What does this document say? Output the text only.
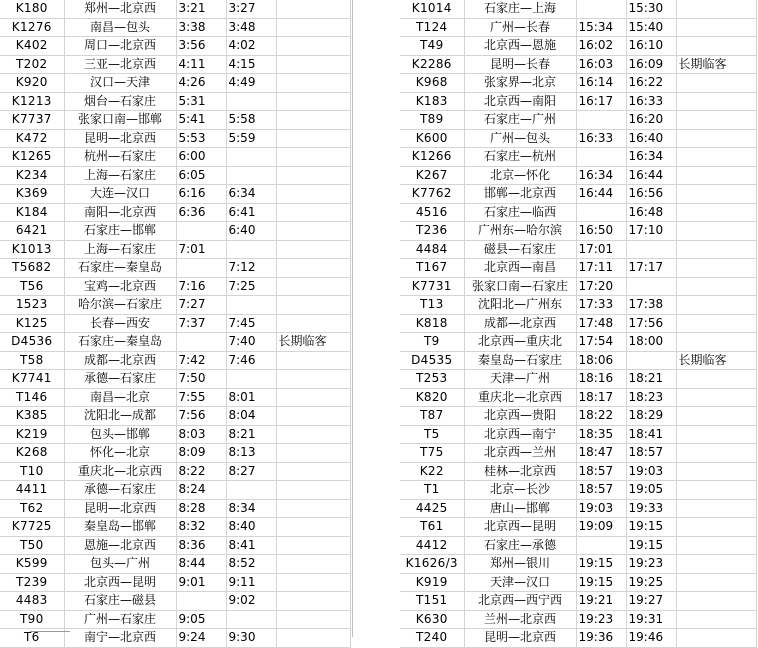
K180	郑州—北京西	3:21	3:27	
K1276	南昌—包头	3:38	3:48	
K402	周口—北京西	3:56	4:02	
T202	三亚—北京西	4:11	4:15	
K920	汉口—天津	4:26	4:49	
K1213	烟台—石家庄	5:31		
K7737	张家口南—邯郸	5:41	5:58	
K472	昆明—北京西	5:53	5:59	
K1265	杭州—石家庄	6:00		
K234	上海—石家庄	6:05		
K369	大连—汉口	6:16	6:34	
K184	南阳—北京西	6:36	6:41	
6421	石家庄—邯郸		6:40	
K1013	上海—石家庄	7:01		
T5682	石家庄—秦皇岛		7:12	
T56	宝鸡—北京西	7:16	7:25	
1523	哈尔滨—石家庄	7:27		
K125	长春—西安	7:37	7:45	
D4536	石家庄—秦皇岛		7:40	长期临客
T58	成都—北京西	7:42	7:46	
K7741	承德—石家庄	7:50		
T146	南昌—北京	7:55	8:01	
K385	沈阳北—成都	7:56	8:04	
K219	包头—邯郸	8:03	8:21	
K268	怀化—北京	8:09	8:13	
T10	重庆北—北京西	8:22	8:27	
4411	承德—石家庄	8:24		
T62	昆明—北京西	8:28	8:34	
K7725	秦皇岛—邯郸	8:32	8:40	
T50	恩施—北京西	8:36	8:41	
K599	包头—广州	8:44	8:52	
T239	北京西—昆明	9:01	9:11	
4483	石家庄—磁县		9:02	
T90	广州—石家庄	9:05		
T6	南宁—北京西	9:24	9:30	
K1014	石家庄—上海		15:30	
T124	广州—长春	15:34	15:40	
T49	北京西—恩施	16:02	16:10	
K2286	昆明—长春	16:03	16:09	长期临客
K968	张家界—北京	16:14	16:22	
K183	北京西—南阳	16:17	16:33	
T89	石家庄—广州		16:20	
K600	广州—包头	16:33	16:40	
K1266	石家庄—杭州		16:34	
K267	北京—怀化	16:34	16:44	
K7762	邯郸—北京西	16:44	16:56	
4516	石家庄—临西		16:48	
T236	广州东—哈尔滨	16:50	17:10	
4484	磁县—石家庄	17:01		
T167	北京西—南昌	17:11	17:17	
K7731	张家口南—石家庄	17:20		
T13	沈阳北—广州东	17:33	17:38	
K818	成都—北京西	17:48	17:56	
T9	北京西—重庆北	17:54	18:00	
D4535	秦皇岛—石家庄	18:06		长期临客
T253	天津—广州	18:16	18:21	
K820	重庆北—北京西	18:17	18:23	
T87	北京西—贵阳	18:22	18:29	
T5	北京西—南宁	18:35	18:41	
T75	北京西—兰州	18:47	18:57	
K22	桂林—北京西	18:57	19:03	
T1	北京—长沙	18:57	19:05	
4425	唐山—邯郸	19:03	19:33	
T61	北京西—昆明	19:09	19:15	
4412	石家庄—承德		19:15	
K1626/3	郑州—银川	19:15	19:23	
K919	天津—汉口	19:15	19:25	
T151	北京西—西宁西	19:21	19:27	
K630	兰州—北京西	19:23	19:31	
T240	昆明—北京西	19:36	19:46	
